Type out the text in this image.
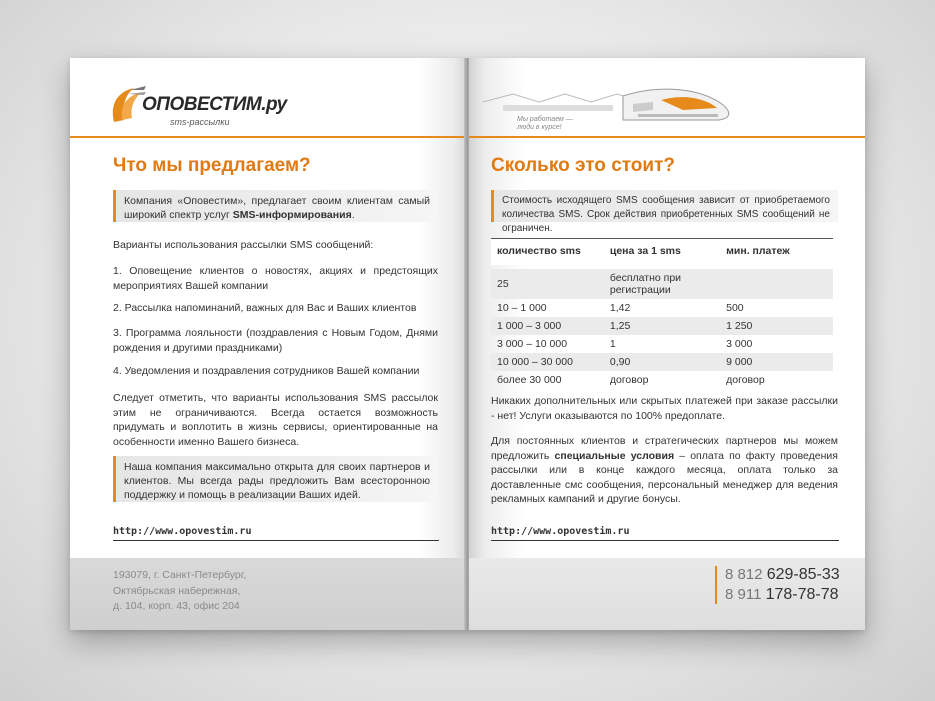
ОПОВЕСТИМ.ру
sms-рассылки
Что мы предлагаем?
Компания «Оповестим», предлагает своим клиентам самый широкий спектр услуг SMS-информирования.
Варианты использования рассылки SMS сообщений:
1. Оповещение клиентов о новостях, акциях и предстоящих мероприятиях Вашей компании
2. Рассылка напоминаний, важных для Вас и Ваших клиентов
3. Программа лояльности (поздравления с Новым Годом, Днями рождения и другими праздниками)
4. Уведомления и поздравления сотрудников Вашей компании
Следует отметить, что варианты использования SMS рассылок этим не ограничиваются. Всегда остается возможность придумать и воплотить в жизнь сервисы, ориентированные на особенности именно Вашего бизнеса.
Наша компания максимально открыта для своих партнеров и клиентов. Мы всегда рады предложить Вам всесторонною поддержку и помощь в реализации Ваших идей.
http://www.opovestim.ru
193079, г. Санкт-Петербург,
Октябрьская набережная,
д. 104, корп. 43, офис 204
Мы работаем — люди в курсе!
Сколько это стоит?
Стоимость исходящего SMS сообщения зависит от приобретаемого количества SMS. Срок действия приобретенных SMS сообщений не ограничен.
количество sms	цена за 1 sms	мин. платеж

25	бесплатно при регистрации	
10 – 1 000	1,42	500
1 000 – 3 000	1,25	1 250
3 000 – 10 000	1	3 000
10 000 – 30 000	0,90	9 000
более 30 000	договор	договор
Никаких дополнительных или скрытых платежей при заказе рассылки - нет! Услуги оказываются по 100% предоплате.
Для постоянных клиентов и стратегических партнеров мы можем предложить специальные условия – оплата по факту проведения рассылки или в конце каждого месяца, оплата только за доставленные смс сообщения, персональный менеджер для ведения рекламных кампаний и другие бонусы.
http://www.opovestim.ru
8 812 629-85-33
8 911 178-78-78
